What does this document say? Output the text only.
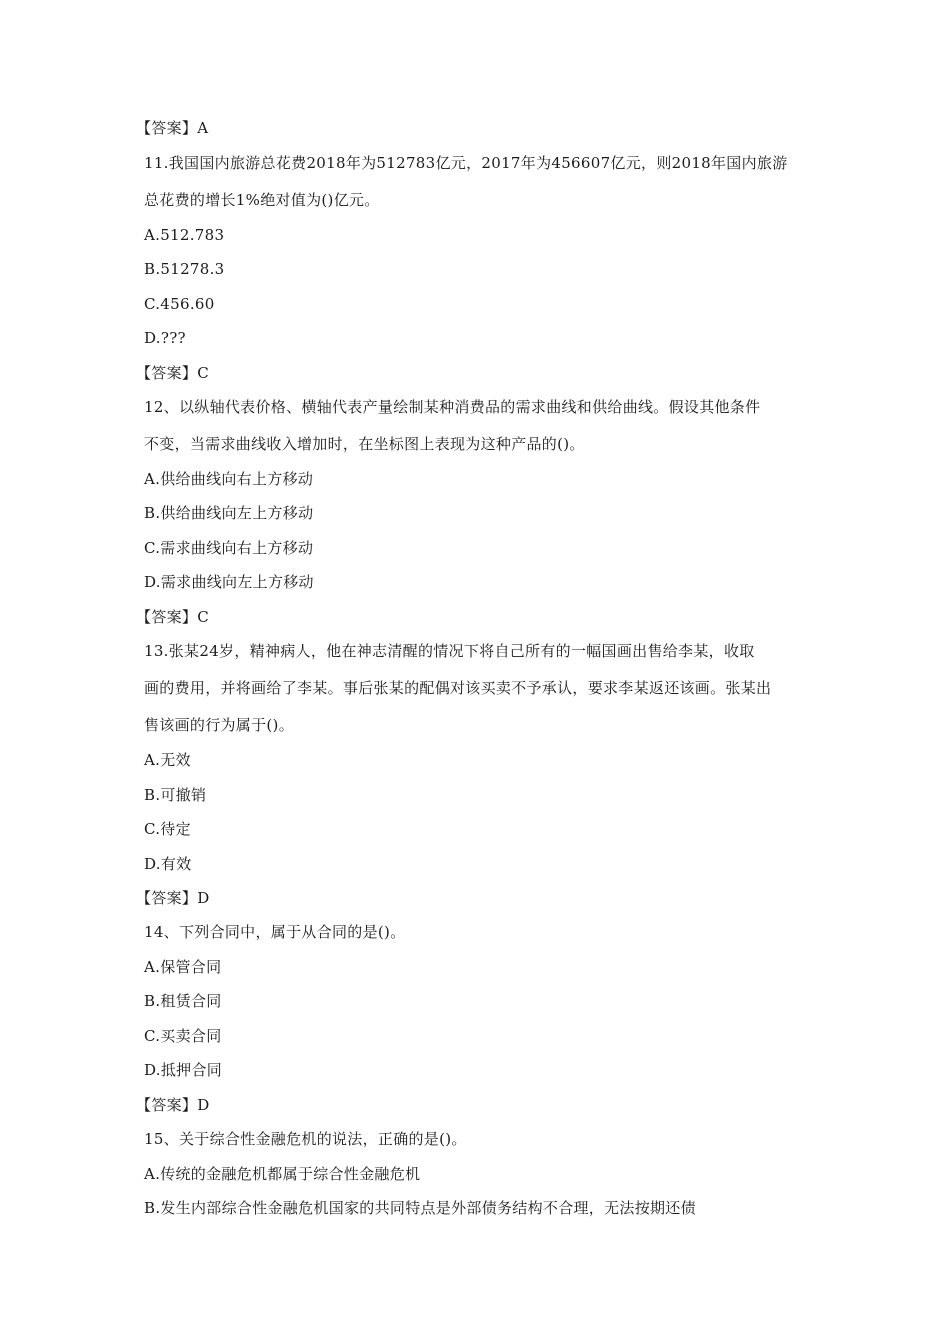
【答案】A
11.我国国内旅游总花费2018年为512783亿元，2017年为456607亿元，则2018年国内旅游
总花费的增长1%绝对值为()亿元。
A.512.783
B.51278.3
C.456.60
D.???
【答案】C
12、以纵轴代表价格、横轴代表产量绘制某种消费品的需求曲线和供给曲线。假设其他条件
不变，当需求曲线收入增加时，在坐标图上表现为这种产品的()。
A.供给曲线向右上方移动
B.供给曲线向左上方移动
C.需求曲线向右上方移动
D.需求曲线向左上方移动
【答案】C
13.张某24岁，精神病人，他在神志清醒的情况下将自己所有的一幅国画出售给李某，收取
画的费用，并将画给了李某。事后张某的配偶对该买卖不予承认，要求李某返还该画。张某出
售该画的行为属于()。
A.无效
B.可撤销
C.待定
D.有效
【答案】D
14、下列合同中，属于从合同的是()。
A.保管合同
B.租赁合同
C.买卖合同
D.抵押合同
【答案】D
15、关于综合性金融危机的说法，正确的是()。
A.传统的金融危机都属于综合性金融危机
B.发生内部综合性金融危机国家的共同特点是外部债务结构不合理，无法按期还债
